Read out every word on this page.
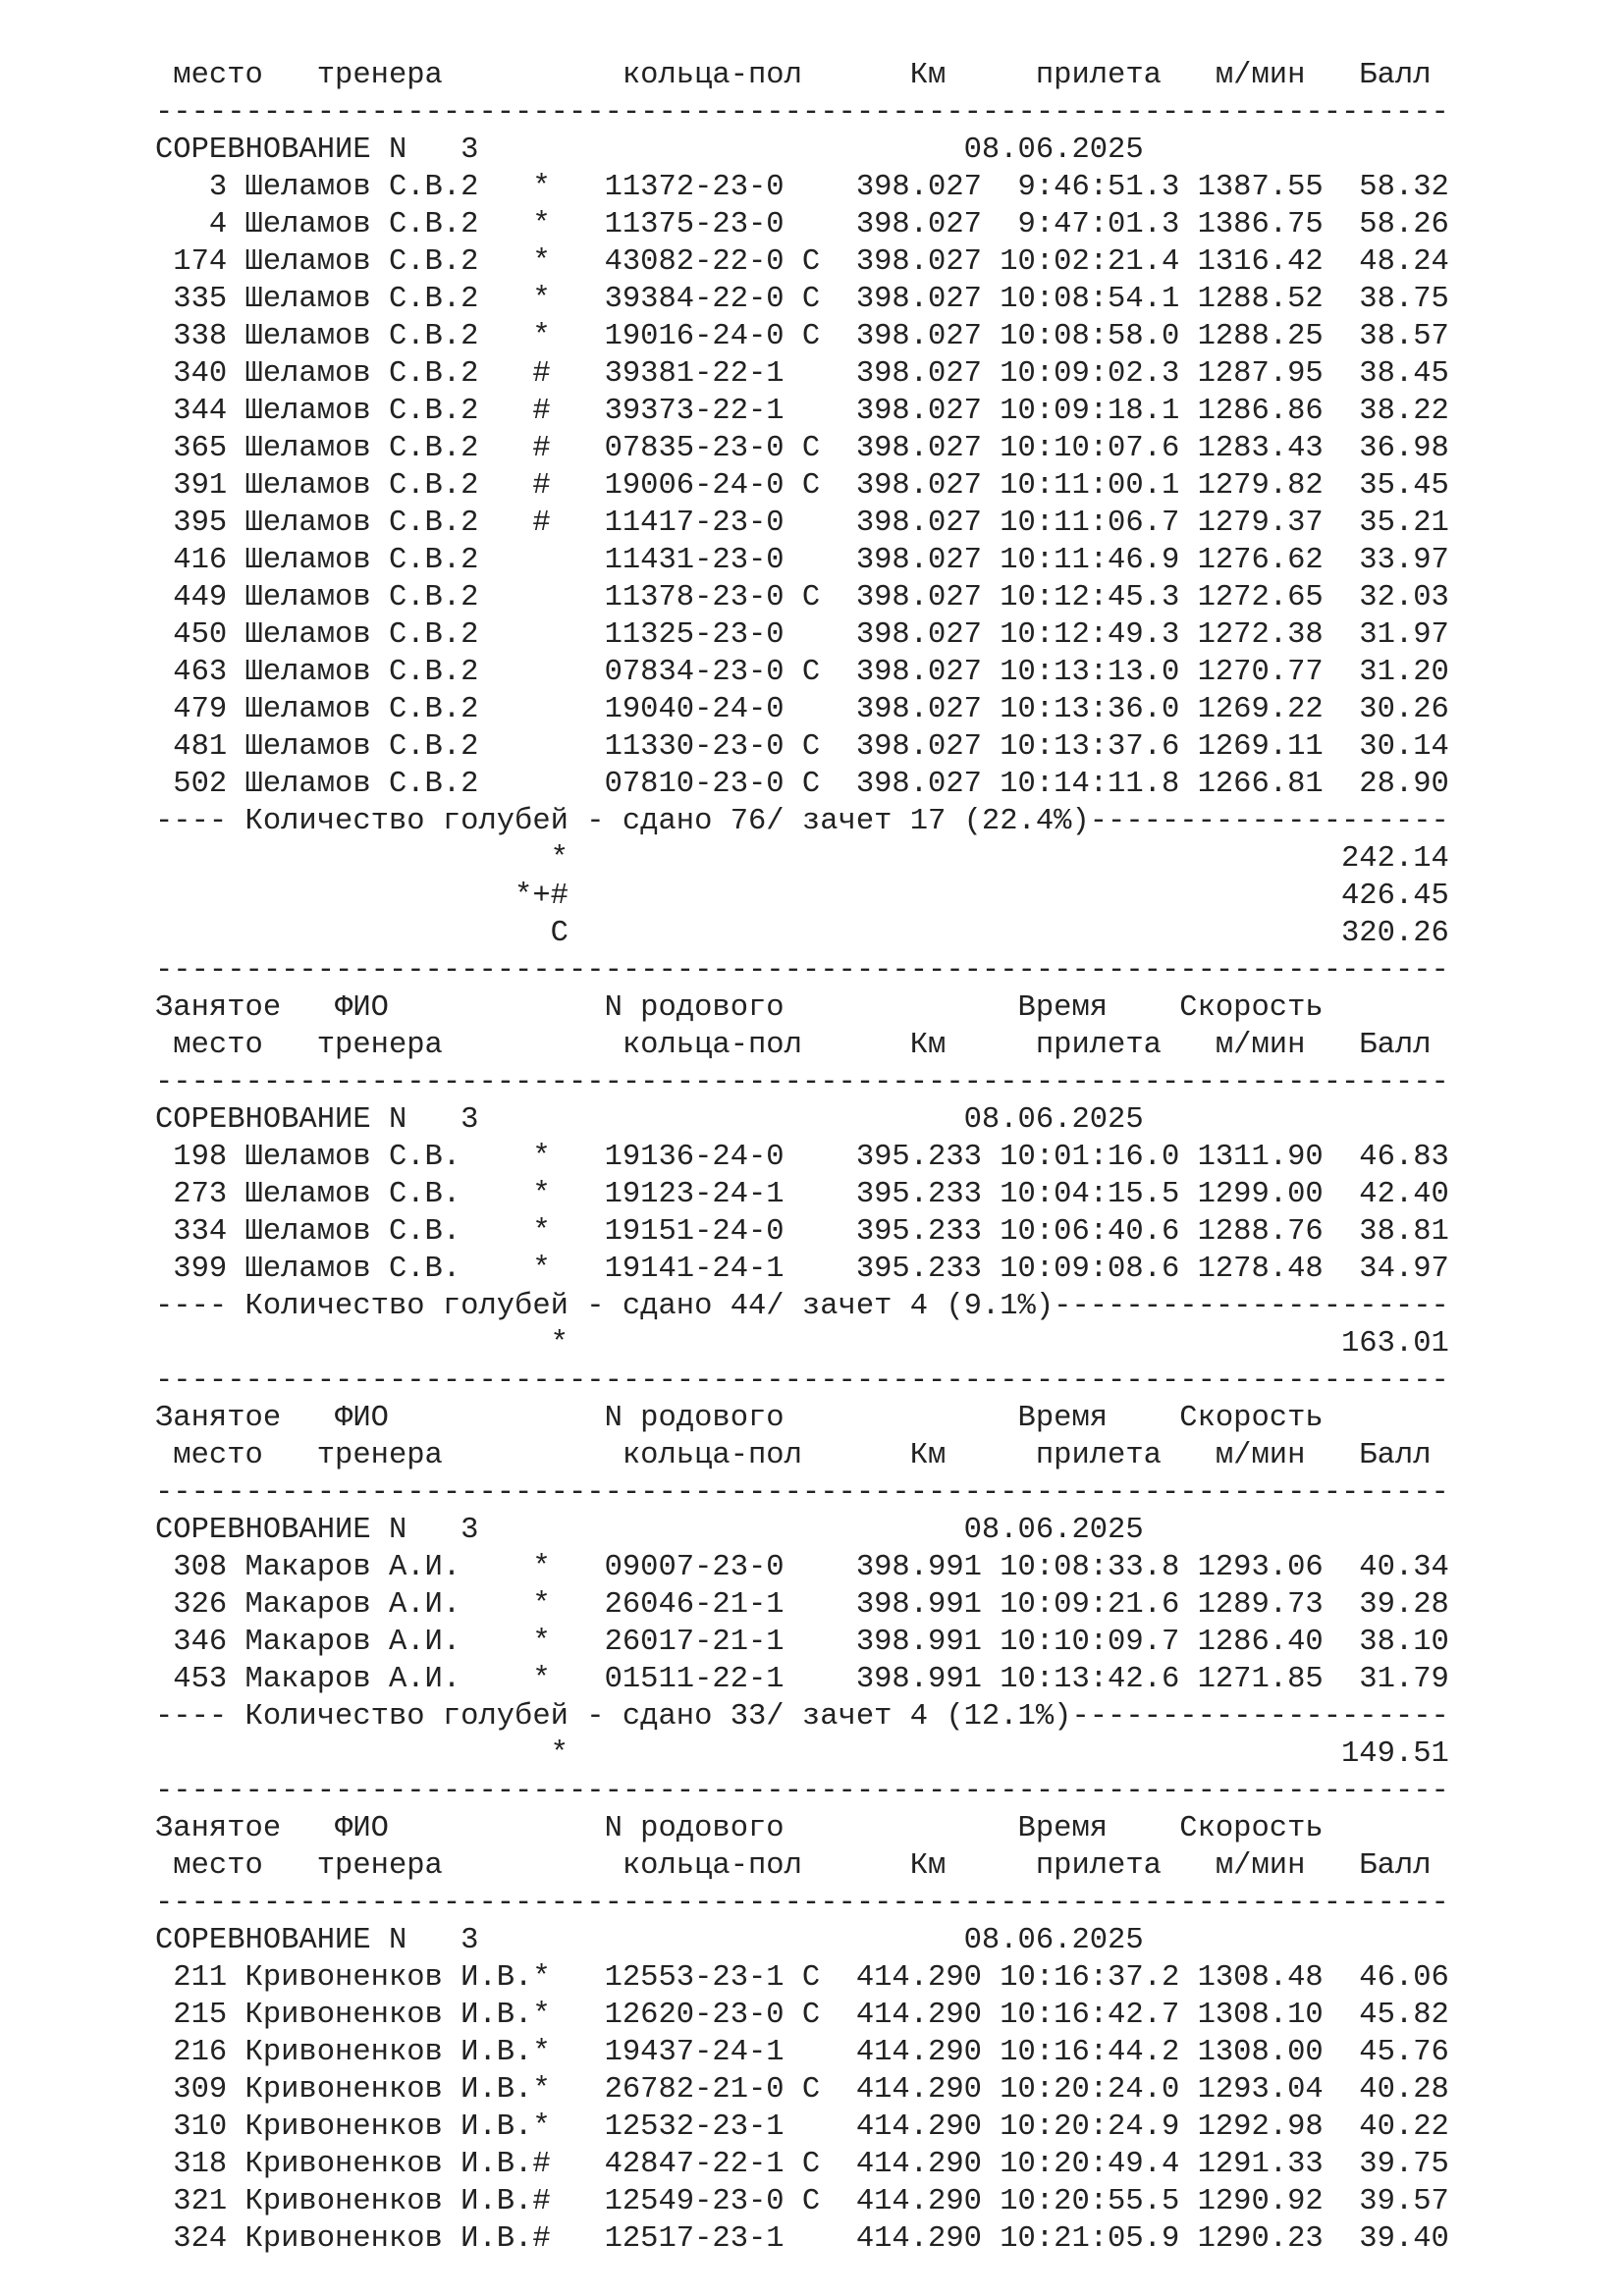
место   тренера          кольца-пол      Км     прилета   м/мин   Балл
------------------------------------------------------------------------
СОРЕВНОВАНИЕ N   3                           08.06.2025
3 Шеламов С.В.2   *   11372-23-0    398.027  9:46:51.3 1387.55  58.32
4 Шеламов С.В.2   *   11375-23-0    398.027  9:47:01.3 1386.75  58.26
174 Шеламов С.В.2   *   43082-22-0 С  398.027 10:02:21.4 1316.42  48.24
335 Шеламов С.В.2   *   39384-22-0 С  398.027 10:08:54.1 1288.52  38.75
338 Шеламов С.В.2   *   19016-24-0 С  398.027 10:08:58.0 1288.25  38.57
340 Шеламов С.В.2   #   39381-22-1    398.027 10:09:02.3 1287.95  38.45
344 Шеламов С.В.2   #   39373-22-1    398.027 10:09:18.1 1286.86  38.22
365 Шеламов С.В.2   #   07835-23-0 С  398.027 10:10:07.6 1283.43  36.98
391 Шеламов С.В.2   #   19006-24-0 С  398.027 10:11:00.1 1279.82  35.45
395 Шеламов С.В.2   #   11417-23-0    398.027 10:11:06.7 1279.37  35.21
416 Шеламов С.В.2       11431-23-0    398.027 10:11:46.9 1276.62  33.97
449 Шеламов С.В.2       11378-23-0 С  398.027 10:12:45.3 1272.65  32.03
450 Шеламов С.В.2       11325-23-0    398.027 10:12:49.3 1272.38  31.97
463 Шеламов С.В.2       07834-23-0 С  398.027 10:13:13.0 1270.77  31.20
479 Шеламов С.В.2       19040-24-0    398.027 10:13:36.0 1269.22  30.26
481 Шеламов С.В.2       11330-23-0 С  398.027 10:13:37.6 1269.11  30.14
502 Шеламов С.В.2       07810-23-0 С  398.027 10:14:11.8 1266.81  28.90
---- Количество голубей - сдано 76/ зачет 17 (22.4%)--------------------
*                                           242.14
*+#                                           426.45
С                                           320.26
------------------------------------------------------------------------
Занятое   ФИО            N родового             Время    Скорость
место   тренера          кольца-пол      Км     прилета   м/мин   Балл
------------------------------------------------------------------------
СОРЕВНОВАНИЕ N   3                           08.06.2025
198 Шеламов С.В.    *   19136-24-0    395.233 10:01:16.0 1311.90  46.83
273 Шеламов С.В.    *   19123-24-1    395.233 10:04:15.5 1299.00  42.40
334 Шеламов С.В.    *   19151-24-0    395.233 10:06:40.6 1288.76  38.81
399 Шеламов С.В.    *   19141-24-1    395.233 10:09:08.6 1278.48  34.97
---- Количество голубей - сдано 44/ зачет 4 (9.1%)----------------------
*                                           163.01
------------------------------------------------------------------------
Занятое   ФИО            N родового             Время    Скорость
место   тренера          кольца-пол      Км     прилета   м/мин   Балл
------------------------------------------------------------------------
СОРЕВНОВАНИЕ N   3                           08.06.2025
308 Макаров А.И.    *   09007-23-0    398.991 10:08:33.8 1293.06  40.34
326 Макаров А.И.    *   26046-21-1    398.991 10:09:21.6 1289.73  39.28
346 Макаров А.И.    *   26017-21-1    398.991 10:10:09.7 1286.40  38.10
453 Макаров А.И.    *   01511-22-1    398.991 10:13:42.6 1271.85  31.79
---- Количество голубей - сдано 33/ зачет 4 (12.1%)---------------------
*                                           149.51
------------------------------------------------------------------------
Занятое   ФИО            N родового             Время    Скорость
место   тренера          кольца-пол      Км     прилета   м/мин   Балл
------------------------------------------------------------------------
СОРЕВНОВАНИЕ N   3                           08.06.2025
211 Кривоненков И.В.*   12553-23-1 С  414.290 10:16:37.2 1308.48  46.06
215 Кривоненков И.В.*   12620-23-0 С  414.290 10:16:42.7 1308.10  45.82
216 Кривоненков И.В.*   19437-24-1    414.290 10:16:44.2 1308.00  45.76
309 Кривоненков И.В.*   26782-21-0 С  414.290 10:20:24.0 1293.04  40.28
310 Кривоненков И.В.*   12532-23-1    414.290 10:20:24.9 1292.98  40.22
318 Кривоненков И.В.#   42847-22-1 С  414.290 10:20:49.4 1291.33  39.75
321 Кривоненков И.В.#   12549-23-0 С  414.290 10:20:55.5 1290.92  39.57
324 Кривоненков И.В.#   12517-23-1    414.290 10:21:05.9 1290.23  39.40
